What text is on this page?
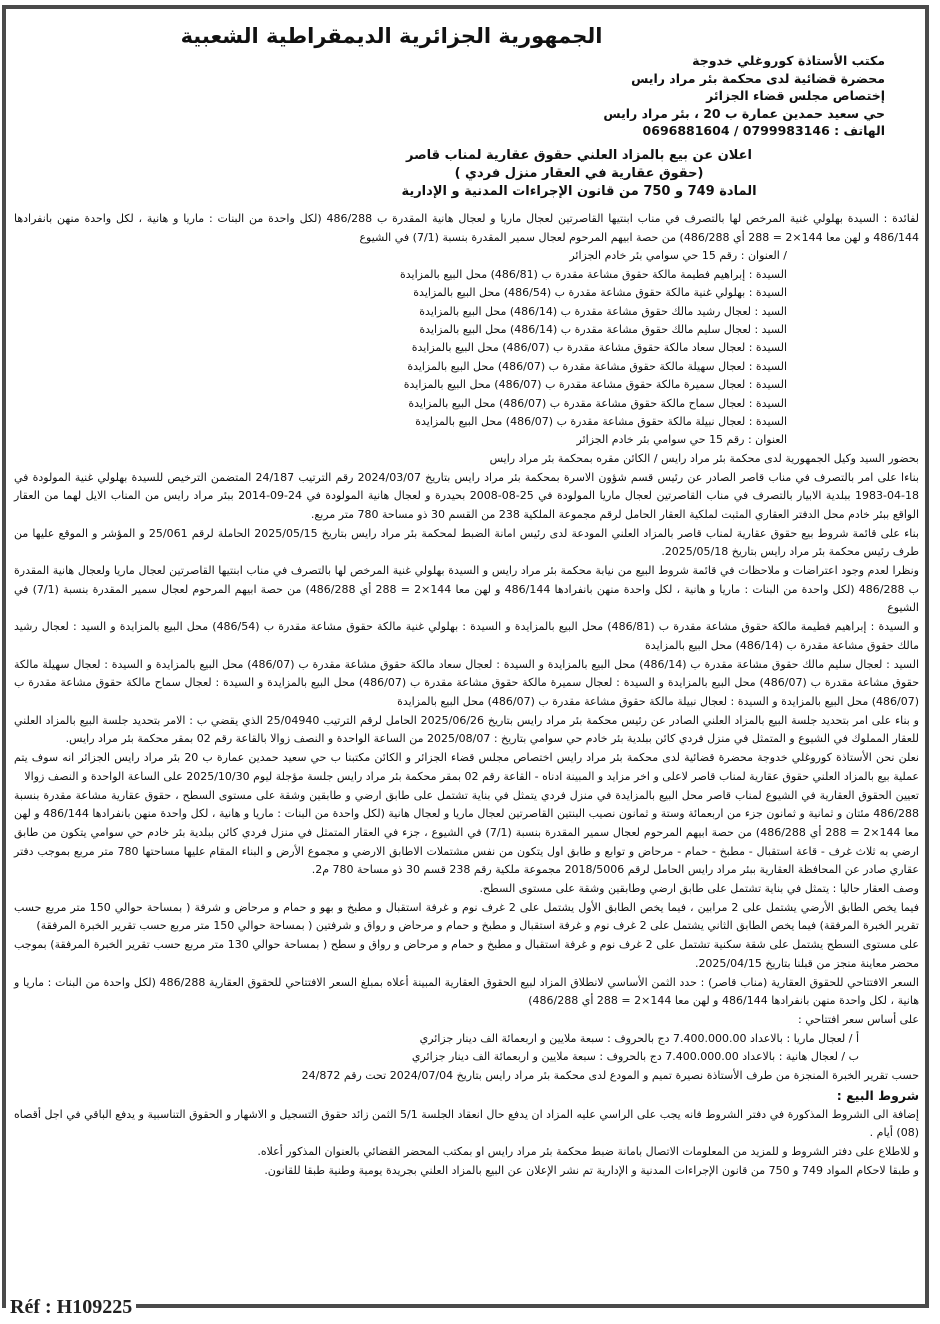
الجمهورية الجزائرية الديمقراطية الشعبية
مكتب الأستاذة كوروغلي خدوجة
محضرة قضائية لدى محكمة بئر مراد رايس
إختصاص مجلس قضاء الجزائر
حي سعيد حمدين عمارة ب 20 ، بئر مراد رايس
الهاتف : 0696881604 / 0799983146
اعلان عن بيع بالمزاد العلني حقوق عقارية لمناب قاصر
(حقوق عقارية في العقار منزل فردي )
المادة 749 و 750 من قانون الإجراءات المدنية و الإدارية

لفائدة : السيدة بهلولي غنية المرخص لها بالتصرف في مناب ابنتيها القاصرتين لعجال ماريا و لعجال هانية المقدرة ب 486/288 (لكل واحدة من البنات : ماريا و هانية ، لكل واحدة منهن بانفرادها 486/144 و لهن معا 144×2 = 288 أي 486/288) من حصة ابيهم المرحوم لعجال سمير المقدرة بنسبة (7/1) في الشيوع

/ العنوان : رقم 15 حي سوامي بئر خادم الجزائر

السيدة : إبراهيم فطيمة مالكة حقوق مشاعة مقدرة ب (486/81) محل البيع بالمزايدة

السيدة : بهلولي غنية مالكة حقوق مشاعة مقدرة ب (486/54) محل البيع بالمزايدة

السيد : لعجال رشيد مالك حقوق مشاعة مقدرة ب (486/14) محل البيع بالمزايدة

السيد : لعجال سليم مالك حقوق مشاعة مقدرة ب (486/14) محل البيع بالمزايدة

السيدة : لعجال سعاد مالكة حقوق مشاعة مقدرة ب (486/07) محل البيع بالمزايدة

السيدة : لعجال سهيلة مالكة حقوق مشاعة مقدرة ب (486/07) محل البيع بالمزايدة

السيدة : لعجال سميرة مالكة حقوق مشاعة مقدرة ب (486/07) محل البيع بالمزايدة

السيدة : لعجال سماح مالكة حقوق مشاعة مقدرة ب (486/07) محل البيع بالمزايدة

السيدة : لعجال نبيلة مالكة حقوق مشاعة مقدرة ب (486/07) محل البيع بالمزايدة

العنوان : رقم 15 حي سوامي بئر خادم الجزائر

بحضور السيد وكيل الجمهورية لدى محكمة بئر مراد رايس / الكائن مقره بمحكمة بئر مراد رايس

بناءا على امر بالتصرف في مناب قاصر الصادر عن رئيس قسم شؤون الاسرة بمحكمة بئر مراد رايس بتاريخ 2024/03/07 رقم الترتيب 24/187 المتضمن الترخيص للسيدة بهلولي غنية المولودة في 18-04-1983 ببلدية الابيار بالتصرف في مناب القاصرتين لعجال ماريا المولودة في 25-08-2008 بحيدرة و لعجال هانية المولودة في 24-09-2014 ببئر مراد رايس من المناب الايل لهما من العقار الواقع ببئر خادم محل الدفتر العقاري المثبت لملكية العقار الحامل لرقم مجموعة الملكية 238 من القسم 30 ذو مساحة 780 متر مربع.

بناء على قائمة شروط بيع حقوق عقارية لمناب قاصر بالمزاد العلني المودعة لدى رئيس امانة الضبط لمحكمة بئر مراد رايس بتاريخ 2025/05/15 الحاملة لرقم 25/061 و المؤشر و الموقع عليها من طرف رئيس محكمة بئر مراد رايس بتاريخ 2025/05/18.

ونظرا لعدم وجود اعتراضات و ملاحظات في قائمة شروط البيع من نيابة محكمة بئر مراد رايس و السيدة بهلولي غنية المرخص لها بالتصرف في مناب ابنتيها القاصرتين لعجال ماريا ولعجال هانية المقدرة ب 486/288 (لكل واحدة من البنات : ماريا و هانية ، لكل واحدة منهن بانفرادها 486/144 و لهن معا 144×2 = 288 أي 486/288) من حصة ابيهم المرحوم لعجال سمير المقدرة بنسبة (7/1) في الشيوع

و السيدة : إبراهيم فطيمة مالكة حقوق مشاعة مقدرة ب (486/81) محل البيع بالمزايدة و السيدة : بهلولي غنية مالكة حقوق مشاعة مقدرة ب (486/54) محل البيع بالمزايدة و السيد : لعجال رشيد مالك حقوق مشاعة مقدرة ب (486/14) محل البيع بالمزايدة

السيد : لعجال سليم مالك حقوق مشاعة مقدرة ب (486/14) محل البيع بالمزايدة و السيدة : لعجال سعاد مالكة حقوق مشاعة مقدرة ب (486/07) محل البيع بالمزايدة و السيدة : لعجال سهيلة مالكة حقوق مشاعة مقدرة ب (486/07) محل البيع بالمزايدة و السيدة : لعجال سميرة مالكة حقوق مشاعة مقدرة ب (486/07) محل البيع بالمزايدة و السيدة : لعجال سماح مالكة حقوق مشاعة مقدرة ب (486/07) محل البيع بالمزايدة و السيدة : لعجال نبيلة مالكة حقوق مشاعة مقدرة ب (486/07) محل البيع بالمزايدة

و بناء على امر بتحديد جلسة البيع بالمزاد العلني الصادر عن رئيس محكمة بئر مراد رايس بتاريخ 2025/06/26 الحامل لرقم الترتيب 25/04940 الذي يقضي ب : الامر بتحديد جلسة البيع بالمزاد العلني للعقار المملوك في الشيوع و المتمثل في منزل فردي كائن ببلدية بئر خادم حي سوامي بتاريخ : 2025/08/07 من الساعة الواحدة و النصف زوالا بالقاعة رقم 02 بمقر محكمة بئر مراد رايس.

نعلن نحن الأستاذة كوروغلي خدوجة محضرة قضائية لدى محكمة بئر مراد رايس اختصاص مجلس قضاء الجزائر و الكائن مكتبنا ب حي سعيد حمدين عمارة ب 20 بئر مراد رايس الجزائر انه سوف يتم عملية بيع بالمزاد العلني حقوق عقارية لمناب قاصر لاعلى و اخر مزايد و المبينة ادناه - القاعة رقم 02 بمقر محكمة بئر مراد رايس جلسة مؤجلة ليوم 2025/10/30 على الساعة الواحدة و النصف زوالا

تعيين الحقوق العقارية في الشيوع لمناب قاصر محل البيع بالمزايدة في منزل فردي يتمثل في بناية تشتمل على طابق ارضي و طابقين وشقة على مستوى السطح ، حقوق عقارية مشاعة مقدرة بنسبة 486/288 مئتان و ثمانية و ثمانون جزء من اربعمائة وستة و ثمانون نصيب البنتين القاصرتين لعجال ماريا و لعجال هانية (لكل واحدة من البنات : ماريا و هانية ، لكل واحدة منهن بانفرادها 486/144 و لهن معا 144×2 = 288 أي 486/288) من حصة ابيهم المرحوم لعجال سمير المقدرة بنسبة (7/1) في الشيوع ، جزء في العقار المتمثل في منزل فردي كائن ببلدية بئر خادم حي سوامي يتكون من طابق ارضي به ثلاث غرف - قاعة استقبال - مطبخ - حمام - مرحاض و توابع و طابق اول يتكون من نفس مشتملات الاطابق الارضي و مجموع الأرض و البناء المقام عليها مساحتها 780 متر مربع بموجب دفتر عقاري صادر عن المحافظة العقارية ببئر مراد رايس الحامل لرقم 2018/5006 مجموعة ملكية رقم 238 قسم 30 ذو مساحة 780 م2.

وصف العقار حاليا : يتمثل في بناية تشتمل على طابق ارضي وطابقين وشقة على مستوى السطح.

فيما يخص الطابق الأرضي يشتمل على 2 مرابين ، فيما يخص الطابق الأول يشتمل على 2 غرف نوم و غرفة استقبال و مطبخ و بهو و حمام و مرحاض و شرفة ( بمساحة حوالي 150 متر مربع حسب تقرير الخبرة المرفقة) فيما يخص الطابق الثاني يشتمل على 2 غرف نوم و غرفة استقبال و مطبخ و حمام و مرحاض و رواق و شرفتين ( بمساحة حوالي 150 متر مربع حسب تقرير الخبرة المرفقة)

على مستوى السطح يشتمل على شقة سكنية تشتمل على 2 غرف نوم و غرفة استقبال و مطبخ و حمام و مرحاض و رواق و سطح ( بمساحة حوالي 130 متر مربع حسب تقرير الخبرة المرفقة) بموجب محضر معاينة منجز من قبلنا بتاريخ 2025/04/15.

السعر الافتتاحي للحقوق العقارية (مناب قاصر) : حدد الثمن الأساسي لانطلاق المزاد لبيع الحقوق العقارية المبينة أعلاه بمبلغ السعر الافتتاحي للحقوق العقارية 486/288 (لكل واحدة من البنات : ماريا و هانية ، لكل واحدة منهن بانفرادها 486/144 و لهن معا 144×2 = 288 أي 486/288)

على أساس سعر افتتاحي :

أ / لعجال ماريا : بالاعداد 7.400.000.00 دج بالحروف : سبعة ملايين و اربعمائة الف دينار جزائري

ب / لعجال هانية : بالاعداد 7.400.000.00 دج بالحروف : سبعة ملايين و اربعمائة الف دينار جزائري

حسب تقرير الخبرة المنجزة من طرف الأستاذة نصيرة تميم و المودع لدى محكمة بئر مراد رايس بتاريخ 2024/07/04 تحت رقم 24/872

شروط البيع :

إضافة الى الشروط المذكورة في دفتر الشروط فانه يجب على الراسي عليه المزاد ان يدفع حال انعقاد الجلسة 5/1 الثمن زائد حقوق التسجيل و الاشهار و الحقوق التناسبية و يدفع الباقي في اجل أقصاه (08) أيام .

و للاطلاع على دفتر الشروط و للمزيد من المعلومات الاتصال بامانة ضبط محكمة بئر مراد رايس او بمكتب المحضر القضائي بالعنوان المذكور أعلاه.

و طبقا لاحكام المواد 749 و 750 من قانون الإجراءات المدنية و الإدارية تم نشر الإعلان عن البيع بالمزاد العلني بجريدة يومية وطنية طبقا للقانون.

Réf : H109225
